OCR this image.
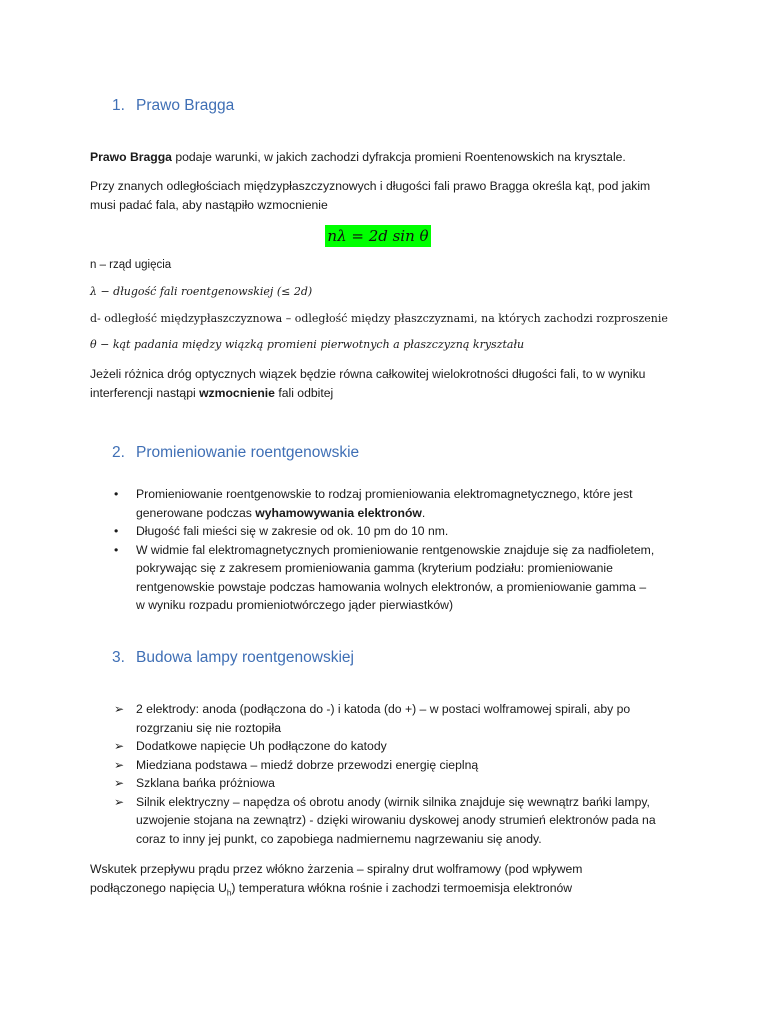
1. Prawo Bragga
Prawo Bragga podaje warunki, w jakich zachodzi dyfrakcja promieni Roentenowskich na krysztale.
Przy znanych odległościach międzypłaszczyznowych i długości fali prawo Bragga określa kąt, pod jakim
musi padać fala, aby nastąpiło wzmocnienie
nλ = 2d sin θ
n – rząd ugięcia
λ − długość fali roentgenowskiej (≤ 2d)
d- odległość międzypłaszczyznowa – odległość między płaszczyznami, na których zachodzi rozproszenie
θ − kąt padania między wiązką promieni pierwotnych a płaszczyzną kryształu
Jeżeli różnica dróg optycznych wiązek będzie równa całkowitej wielokrotności długości fali, to w wyniku
interferencji nastąpi wzmocnienie fali odbitej
2. Promieniowanie roentgenowskie
•	Promieniowanie roentgenowskie to rodzaj promieniowania elektromagnetycznego, które jest
generowane podczas wyhamowywania elektronów.
•	Długość fali mieści się w zakresie od ok. 10 pm do 10 nm.
•	W widmie fal elektromagnetycznych promieniowanie rentgenowskie znajduje się za nadfioletem,
pokrywając się z zakresem promieniowania gamma (kryterium podziału: promieniowanie
rentgenowskie powstaje podczas hamowania wolnych elektronów, a promieniowanie gamma –
w wyniku rozpadu promieniotwórczego jąder pierwiastków)
3. Budowa lampy roentgenowskiej
➢ 2 elektrody: anoda (podłączona do -) i katoda (do +) – w postaci wolframowej spirali, aby po
rozgrzaniu się nie roztopiła
➢ Dodatkowe napięcie Uh podłączone do katody
➢ Miedziana podstawa – miedź dobrze przewodzi energię cieplną
➢ Szklana bańka próżniowa
➢ Silnik elektryczny – napędza oś obrotu anody (wirnik silnika znajduje się wewnątrz bańki lampy,
uzwojenie stojana na zewnątrz) - dzięki wirowaniu dyskowej anody strumień elektronów pada na
coraz to inny jej punkt, co zapobiega nadmiernemu nagrzewaniu się anody.
Wskutek przepływu prądu przez włókno żarzenia – spiralny drut wolframowy (pod wpływem
podłączonego napięcia $U_h$) temperatura włókna rośnie i zachodzi termoemisja elektronów
